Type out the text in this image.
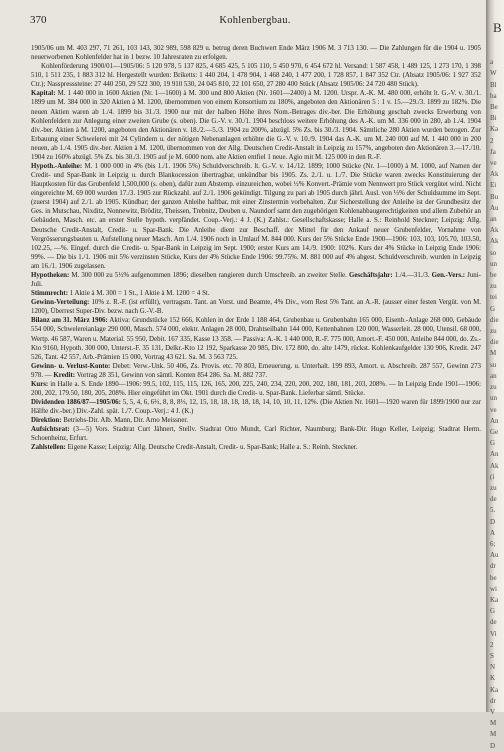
370	Kohlenbergbau.

1905/06 um M. 403 297, 71 261, 103 143, 302 989, 598 829 u. betrug deren Buchwert Ende März 1906 M. 3 713 130. — Die Zahlungen für die 1904 u. 1905 neuerworbenen Kohlenfelder hat in 1 bezw. 10 Jahresraten zu erfolgen.

Kohlenförderung 1900/01—1905/06: 5 120 978, 5 137 825, 4 685 425, 5 105 110, 5 450 970, 6 454 672 hl. Versand: 1 587 458, 1 489 125, 1 273 170, 1 398 510, 1 511 235, 1 883 312 hl. Hergestellt wurden: Briketts: 1 440 204, 1 478 904, 1 468 240, 1 477 200, 1 728 857, 1 847 352 Ctr. (Absatz 1905/06: 1 927 352 Ctr.); Nasspresssteine: 27 440 250, 29 522 300, 19 910 530, 24 045 810, 22 101 650, 27 280 400 Stück (Absatz 1905/06: 24 720 480 Stück).

Kapital: M. 1 440 000 in 1600 Aktien (Nr. 1—1600) à M. 300 und 800 Aktien (Nr. 1601—2400) à M. 1200. Urspr. A.-K. M. 480 000, erhöht lt. G.-V. v. 30./1. 1899 um M. 384 000 in 320 Aktien à M. 1200, übernommen von einem Konsortium zu 180%, angeboten den Aktionären 5 : 1 v. 15.—29./3. 1899 zu 182%. Die neuen Aktien waren ab 1./4. 1899 bis 31./3. 1900 nur mit der halben Höhe ihres Nom.-Betrages div.-ber. Die Erhöhung geschah zwecks Erwerbung von Kohlenfeldern zur Anlegung einer zweiten Grube (s. oben). Die G.-V. v. 30./1. 1904 beschloss weitere Erhöhung des A.-K. um M. 336 000 in 280, ab 1./4. 1904 div.-ber. Aktien à M. 1200, angeboten den Aktionären v. 18./2.—5./3. 1904 zu 200%, abzügl. 5% Zs. bis 30./3. 1904. Sämtliche 280 Aktien wurden bezogen. Zur Erbauung einer Schwelerei mit 24 Cylindern u. der nötigen Nebenanlagen erhöhte die G.-V. v. 10./9. 1904 das A.-K. um M. 240 000 auf M. 1 440 000 in 200 neuen, ab 1./4. 1905 div.-ber. Aktien à M. 1200, übernommen von der Allg. Deutschen Credit-Anstalt in Leipzig zu 157%, angeboten den Aktionären 3.—17./10. 1904 zu 160% abzügl. 5% Zs. bis 30./3. 1905 auf je M. 6000 nom. alte Aktien entfiel 1 neue. Agio mit M. 125 000 in den R.-F.

Hypoth.-Anleihe: M. 1 000 000 in 4% (bis 1./1. 1906 5%) Schuldverschreib. lt. G.-V. v. 14./12. 1899; 1000 Stücke (Nr. 1—1000) à M. 1000, auf Namen der Credit- und Spar-Bank in Leipzig u. durch Blankocession übertragbar, unkündbar bis 1905. Zs. 2./1. u. 1./7. Die Stücke waren zwecks Konstituierung der Hauptkosten für das Grubenfeld 1,500,000 (s. oben), dafür zum Abstemp. einzureichen, wobei ½% Konvert.-Prämie vom Nennwert pro Stück vergütet wird. Nicht eingereichte M. 69 000 wurden 17./3. 1905 zur Rückzahl. auf 2./1. 1906 gekündigt. Tilgung zu pari ab 1905 durch jährl. Ausl. von ⅓% der Schuldsumme im Sept. (zuerst 1904) auf 2./1. ab 1905. Kündbar; der ganzen Anleihe haftbar, mit einer Zinstermin vorbehalten. Zur Sicherstellung der Anleihe ist der Grundbesitz der Ges. in Mutschau, Nixditz, Nonnewitz, Bröditz, Theissen, Trebnitz, Deuben u. Naundorf samt den zugehörigen Kohlenabbaugerechtigkeiten und allem Zubehör an Gebäuden, Masch. etc. an erster Stelle hypoth. verpfändet. Coup.-Verj.: 4 J. (K.) Zahlst.: Gesellschaftskasse; Halle a. S.: Reinhold Steckner; Leipzig: Allg. Deutsche Credit-Anstalt, Credit- u. Spar-Bank. Die Anleihe dient zur Beschaff. der Mittel für den Ankauf neuer Grubenfelder, Vornahme von Vergrösserungsbauten u. Aufstellung neuer Masch. Am 1./4. 1906 noch in Umlauf M. 844 000. Kurs der 5% Stücke Ende 1900—1906: 103, 103, 105.70, 103.50, 102.25, —%. Eingef. durch die Credit- u. Spar-Bank in Leipzig im Sept. 1900; erster Kurs am 14./9. 1900: 102%. Kurs der 4% Stücke in Leipzig Ende 1906: 99%. — Die bis 1./1. 1906 mit 5% verzinsten Stücke, Kurs der 4% Stücke Ende 1906: 99.75%. M. 881 000 auf 4% abgest. Schuldverschreib. wurden in Leipzig am 16./1. 1906 zugelassen.

Hypotheken: M. 300 000 zu 5½% aufgenommen 1896; dieselben rangieren durch Umschreib. an zweiter Stelle. Geschäftsjahr: 1./4.—31./3. Gen.-Vers.: Juni-Juli.

Stimmrecht: 1 Aktie à M. 300 = 1 St., 1 Aktie à M. 1200 = 4 St.

Gewinn-Verteilung: 10% z. R.-F. (ist erfüllt), vertragsm. Tant. an Vorst. und Beamte, 4% Div., vom Rest 5% Tant. an A.-R. (ausser einer festen Vergüt. von M. 1200), Überrest Super-Div. bezw. nach G.-V.-B.

Bilanz am 31. März 1906: Aktiva: Grundstücke 152 666, Kohlen in der Erde 1 188 464, Grubenbau u. Grubenbahn 165 000, Eisenb.-Anlage 268 000, Gebäude 554 000, Schwelereianlage 290 000, Masch. 574 000, elektr. Anlagen 28 000, Drahtseilbahn 144 000, Kettenbahnen 120 000, Wasserleit. 28 000, Utensil. 68 000, Wertp. 46 587, Waren u. Material. 55 950, Debit. 167 335, Kasse 13 358. — Passiva: A.-K. 1 440 000, R.-F. 775 000, Amort.-F. 450 000, Anleihe 844 000, do. Zs.-Kto 9160, Hypoth. 300 000, Unterst.-F. 35 131, Delkr.-Kto 12 192, Sparkasse 20 985, Div. 172 800, do. alte 1479, rückst. Kohlenkaufgelder 130 906, Kredit. 247 526, Tant. 42 557, Arb.-Prämien 15 000, Vortrag 43 621. Sa. M. 3 563 725.

Gewinn- u. Verlust-Konto: Debet: Verw.-Unk. 50 406, Zs. Provis. etc. 70 803, Erneuerung. u. Unterhalt. 199 893, Amort. u. Abschreib. 287 557, Gewinn 273 978. — Kredit: Vortrag 28 351, Gewinn von sämtl. Konten 854 286. Sa. M. 882 737.

Kurs: in Halle a. S. Ende 1890—1906: 99.5, 102, 115, 115, 126, 165, 200, 225, 240, 234, 220, 200, 202, 180, 181, 203, 208%. — In Leipzig Ende 1901—1906: 200, 202, 179.50, 180, 205, 208%. Hier eingeführt im Okt. 1901 durch die Credit- u. Spar-Bank. Lieferbar sämtl. Stücke.

Dividenden 1886/87—1905/06: 5, 5, 4, 6, 6⅔, 8, 8, 8⅓, 12, 15, 18, 18, 18, 18, 18, 14, 10, 10, 11, 12%. (Die Aktien Nr. 1601—1920 waren für 1899/1900 nur zur Hälfte div.-ber.) Div.-Zahl. spät. 1./7. Coup.-Verj.: 4 J. (K.)

Direktion: Betriebs-Dir. Alb. Mann, Dir. Arno Meissner.

Aufsichtsrat: (3—5) Vors. Stadtrat Curt Jähnert, Stellv. Stadtrat Otto Mundt, Carl Richter, Naumburg; Bank-Dir. Hugo Keller, Leipzig; Stadtrat Herm. Schoenheinz, Erfurt.

Zahlstellen: Eigene Kasse; Leipzig: Allg. Deutsche Credit-Anstalt, Credit- u. Spar-Bank; Halle a. S.: Reinh. Steckner.

B

a
W
Bl
ba
Be
Bi
Ka
2
Ja
ve
Ak
Ei
Bu
Au
an
Ak
Ak
so
un
be
zu
tei
G
die
zu
die
M
su
an
zu
un
ve
An
Ge
G
An
Ak
(i
zu
de
5.
D
A
6;
Au
dr
be
wi
Ka
G
de
Vi
2
S
N
K
Ka
dr
V
M
M
D
